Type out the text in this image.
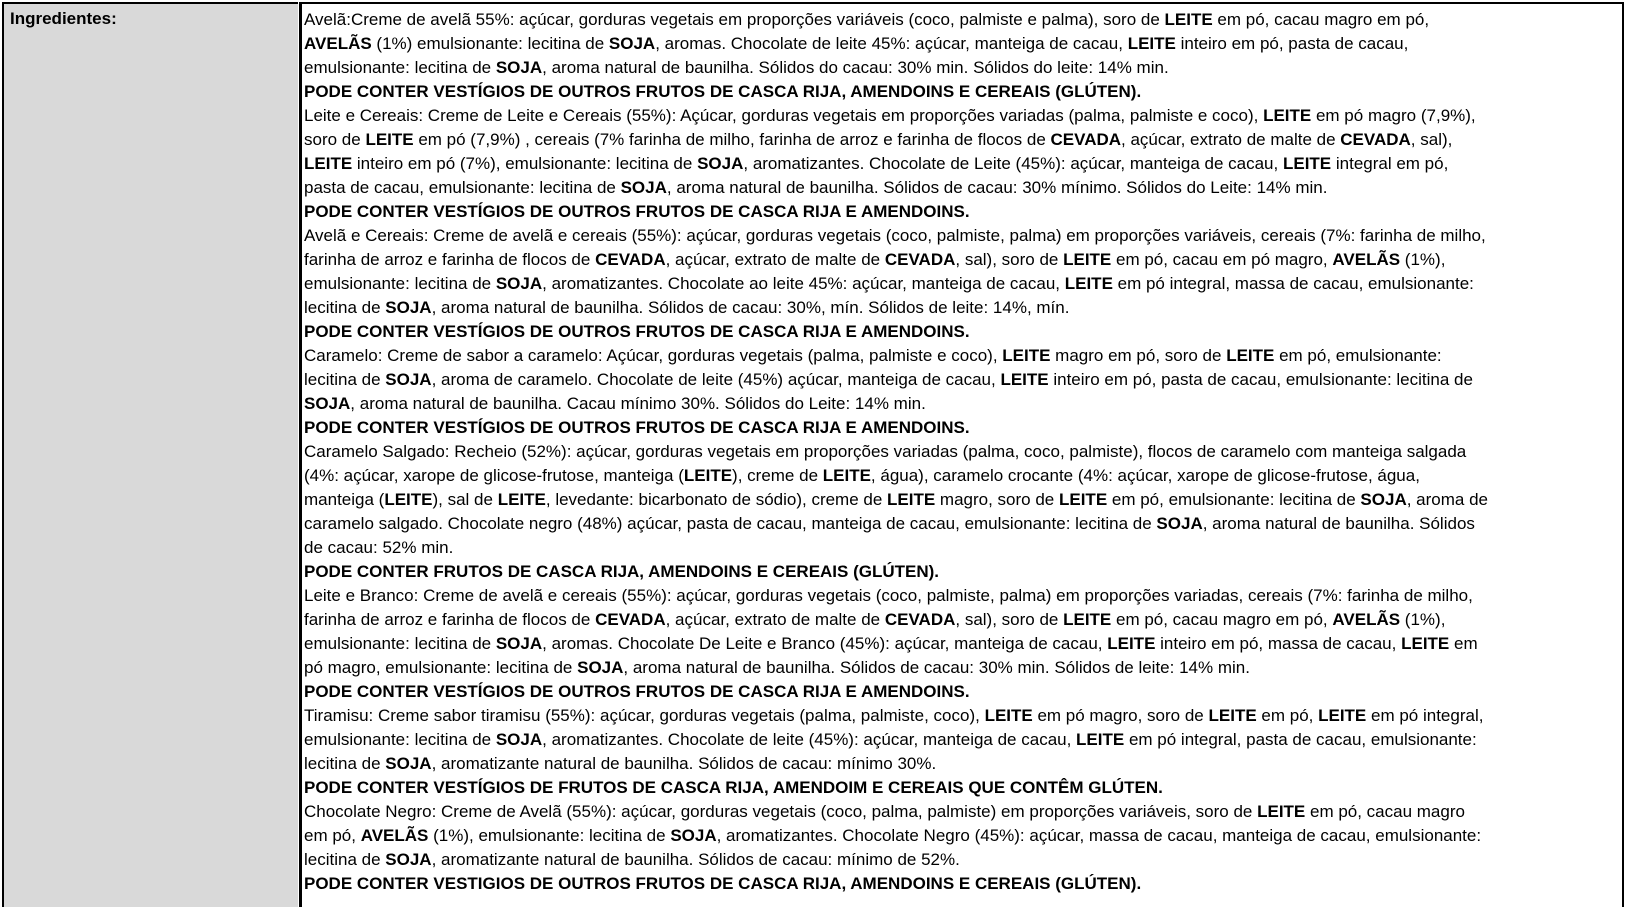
Ingredientes:	Avelã:Creme de avelã 55%: açúcar, gorduras vegetais em proporções variáveis (coco, palmiste e palma), soro de LEITE em pó, cacau magro em pó,
AVELÃS (1%) emulsionante: lecitina de SOJA, aromas. Chocolate de leite 45%: açúcar, manteiga de cacau, LEITE inteiro em pó, pasta de cacau,
emulsionante: lecitina de SOJA, aroma natural de baunilha. Sólidos do cacau: 30% min. Sólidos do leite: 14% min.

PODE CONTER VESTÍGIOS DE OUTROS FRUTOS DE CASCA RIJA, AMENDOINS E CEREAIS (GLÚTEN).

Leite e Cereais: Creme de Leite e Cereais (55%): Açúcar, gorduras vegetais em proporções variadas (palma, palmiste e coco), LEITE em pó magro (7,9%),
soro de LEITE em pó (7,9%) , cereais (7% farinha de milho, farinha de arroz e farinha de flocos de CEVADA, açúcar, extrato de malte de CEVADA, sal),
LEITE inteiro em pó (7%), emulsionante: lecitina de SOJA, aromatizantes. Chocolate de Leite (45%): açúcar, manteiga de cacau, LEITE integral em pó,
pasta de cacau, emulsionante: lecitina de SOJA, aroma natural de baunilha. Sólidos de cacau: 30% mínimo. Sólidos do Leite: 14% min.

PODE CONTER VESTÍGIOS DE OUTROS FRUTOS DE CASCA RIJA E AMENDOINS.

Avelã e Cereais: Creme de avelã e cereais (55%): açúcar, gorduras vegetais (coco, palmiste, palma) em proporções variáveis, cereais (7%: farinha de milho,
farinha de arroz e farinha de flocos de CEVADA, açúcar, extrato de malte de CEVADA, sal), soro de LEITE em pó, cacau em pó magro, AVELÃS (1%),
emulsionante: lecitina de SOJA, aromatizantes. Chocolate ao leite 45%: açúcar, manteiga de cacau, LEITE em pó integral, massa de cacau, emulsionante:
lecitina de SOJA, aroma natural de baunilha. Sólidos de cacau: 30%, mín. Sólidos de leite: 14%, mín.

PODE CONTER VESTÍGIOS DE OUTROS FRUTOS DE CASCA RIJA E AMENDOINS.

Caramelo: Creme de sabor a caramelo: Açúcar, gorduras vegetais (palma, palmiste e coco), LEITE magro em pó, soro de LEITE em pó, emulsionante:
lecitina de SOJA, aroma de caramelo. Chocolate de leite (45%) açúcar, manteiga de cacau, LEITE inteiro em pó, pasta de cacau, emulsionante: lecitina de
SOJA, aroma natural de baunilha. Cacau mínimo 30%. Sólidos do Leite: 14% min.

PODE CONTER VESTÍGIOS DE OUTROS FRUTOS DE CASCA RIJA E AMENDOINS.

Caramelo Salgado: Recheio (52%): açúcar, gorduras vegetais em proporções variadas (palma, coco, palmiste), flocos de caramelo com manteiga salgada
(4%: açúcar, xarope de glicose-frutose, manteiga (LEITE), creme de LEITE, água), caramelo crocante (4%: açúcar, xarope de glicose-frutose, água,
manteiga (LEITE), sal de LEITE, levedante: bicarbonato de sódio), creme de LEITE magro, soro de LEITE em pó, emulsionante: lecitina de SOJA, aroma de
caramelo salgado. Chocolate negro (48%) açúcar, pasta de cacau, manteiga de cacau, emulsionante: lecitina de SOJA, aroma natural de baunilha. Sólidos
de cacau: 52% min.

PODE CONTER FRUTOS DE CASCA RIJA, AMENDOINS E CEREAIS (GLÚTEN).

Leite e Branco: Creme de avelã e cereais (55%): açúcar, gorduras vegetais (coco, palmiste, palma) em proporções variadas, cereais (7%: farinha de milho,
farinha de arroz e farinha de flocos de CEVADA, açúcar, extrato de malte de CEVADA, sal), soro de LEITE em pó, cacau magro em pó, AVELÃS (1%),
emulsionante: lecitina de SOJA, aromas. Chocolate De Leite e Branco (45%): açúcar, manteiga de cacau, LEITE inteiro em pó, massa de cacau, LEITE em
pó magro, emulsionante: lecitina de SOJA, aroma natural de baunilha. Sólidos de cacau: 30% min. Sólidos de leite: 14% min.

PODE CONTER VESTÍGIOS DE OUTROS FRUTOS DE CASCA RIJA E AMENDOINS.

Tiramisu: Creme sabor tiramisu (55%): açúcar, gorduras vegetais (palma, palmiste, coco), LEITE em pó magro, soro de LEITE em pó, LEITE em pó integral,
emulsionante: lecitina de SOJA, aromatizantes. Chocolate de leite (45%): açúcar, manteiga de cacau, LEITE em pó integral, pasta de cacau, emulsionante:
lecitina de SOJA, aromatizante natural de baunilha. Sólidos de cacau: mínimo 30%.

PODE CONTER VESTÍGIOS DE FRUTOS DE CASCA RIJA, AMENDOIM E CEREAIS QUE CONTÊM GLÚTEN.

Chocolate Negro: Creme de Avelã (55%): açúcar, gorduras vegetais (coco, palma, palmiste) em proporções variáveis, soro de LEITE em pó, cacau magro
em pó, AVELÃS (1%), emulsionante: lecitina de SOJA, aromatizantes. Chocolate Negro (45%): açúcar, massa de cacau, manteiga de cacau, emulsionante:
lecitina de SOJA, aromatizante natural de baunilha. Sólidos de cacau: mínimo de 52%.

PODE CONTER VESTIGIOS DE OUTROS FRUTOS DE CASCA RIJA, AMENDOINS E CEREAIS (GLÚTEN).
